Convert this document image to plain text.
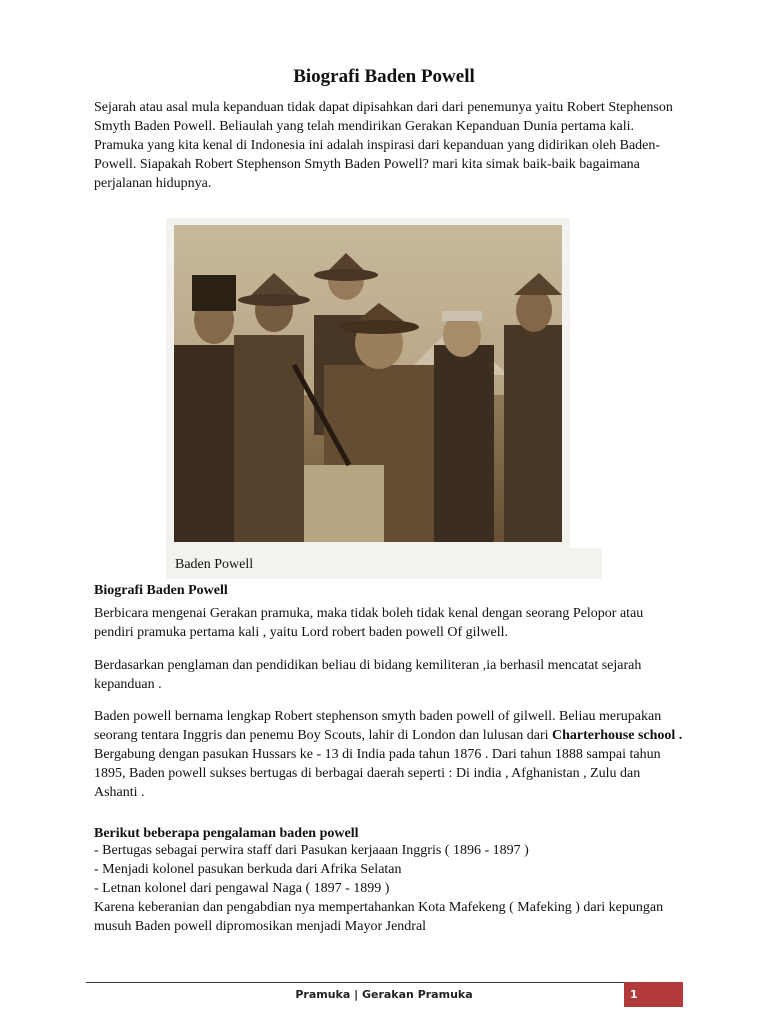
Biografi Baden Powell
Sejarah atau asal mula kepanduan tidak dapat dipisahkan dari dari penemunya yaitu Robert Stephenson Smyth Baden Powell. Beliaulah yang telah mendirikan Gerakan Kepanduan Dunia pertama kali. Pramuka yang kita kenal di Indonesia ini adalah inspirasi dari kepanduan yang didirikan oleh Baden-Powell. Siapakah Robert Stephenson Smyth Baden Powell? mari kita simak baik-baik bagaimana perjalanan hidupnya.
Baden Powell
Biografi Baden Powell
Berbicara mengenai Gerakan pramuka, maka tidak boleh tidak kenal dengan seorang Pelopor atau pendiri pramuka pertama kali , yaitu Lord robert baden powell Of gilwell.
Berdasarkan penglaman dan pendidikan beliau di bidang kemiliteran ,ia berhasil mencatat sejarah kepanduan .
Baden powell bernama lengkap Robert stephenson smyth baden powell of gilwell. Beliau merupakan seorang tentara Inggris dan penemu Boy Scouts, lahir di London dan lulusan dari Charterhouse school . Bergabung dengan pasukan Hussars ke - 13 di India pada tahun 1876 . Dari tahun 1888 sampai tahun 1895, Baden powell sukses bertugas di berbagai daerah seperti : Di india , Afghanistan , Zulu dan Ashanti .
Berikut beberapa pengalaman baden powell
- Bertugas sebagai perwira staff dari Pasukan kerjaaan Inggris ( 1896 - 1897 )
- Menjadi kolonel pasukan berkuda dari Afrika Selatan
- Letnan kolonel dari pengawal Naga ( 1897 - 1899 )
Karena keberanian dan pengabdian nya mempertahankan Kota Mafekeng ( Mafeking ) dari kepungan musuh Baden powell dipromosikan menjadi Mayor Jendral
Pramuka | Gerakan Pramuka	1
